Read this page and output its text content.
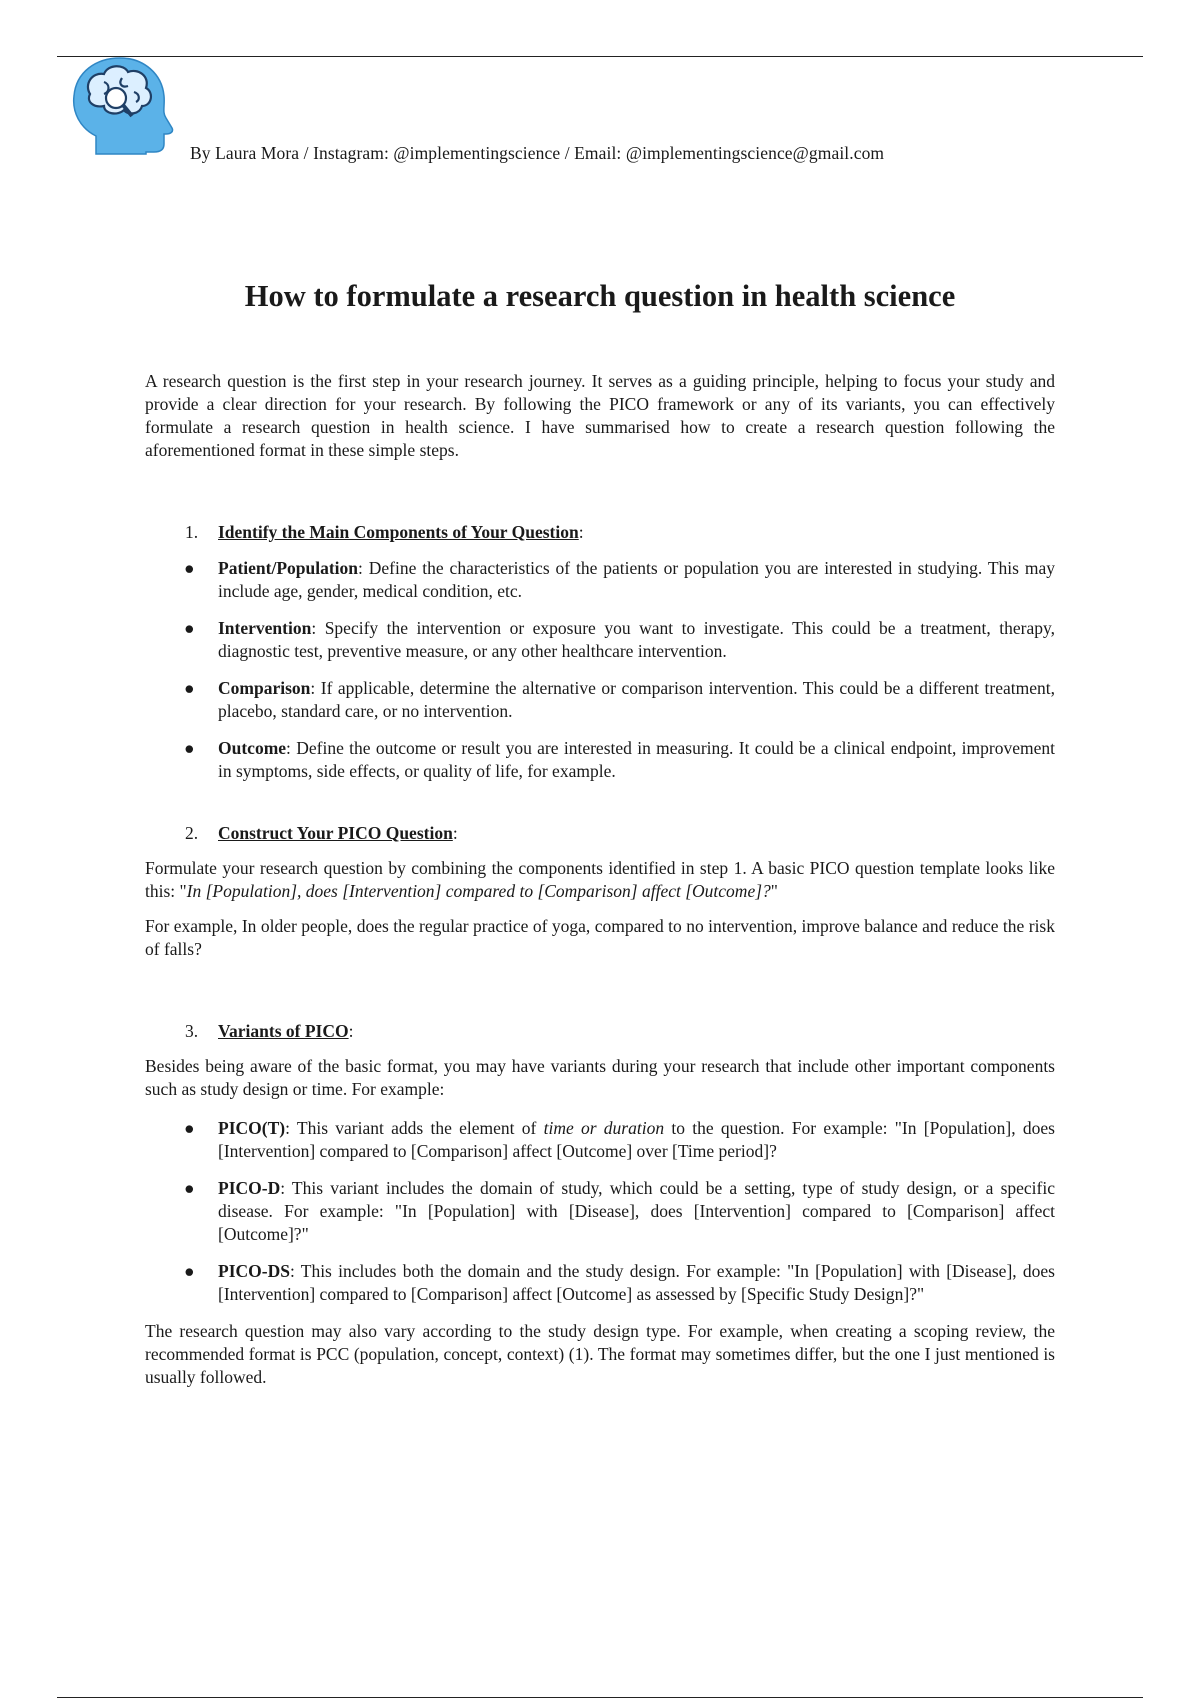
By Laura Mora / Instagram: @implementingscience / Email: @implementingscience@gmail.com
How to formulate a research question in health science

A research question is the first step in your research journey. It serves as a guiding principle, helping to focus your study and provide a clear direction for your research. By following the PICO framework or any of its variants, you can effectively formulate a research question in health science. I have summarised how to create a research question following the aforementioned format in these simple steps.

1. Identify the Main Components of Your Question:
● Patient/Population: Define the characteristics of the patients or population you are interested in studying. This may include age, gender, medical condition, etc.
● Intervention: Specify the intervention or exposure you want to investigate. This could be a treatment, therapy, diagnostic test, preventive measure, or any other healthcare intervention.
● Comparison: If applicable, determine the alternative or comparison intervention. This could be a different treatment, placebo, standard care, or no intervention.
● Outcome: Define the outcome or result you are interested in measuring. It could be a clinical endpoint, improvement in symptoms, side effects, or quality of life, for example.
2. Construct Your PICO Question:

Formulate your research question by combining the components identified in step 1. A basic PICO question template looks like this: "In [Population], does [Intervention] compared to [Comparison] affect [Outcome]?"

For example, In older people, does the regular practice of yoga, compared to no intervention, improve balance and reduce the risk of falls?

3. Variants of PICO:

Besides being aware of the basic format, you may have variants during your research that include other important components such as study design or time. For example:

● PICO(T): This variant adds the element of time or duration to the question. For example: "In [Population], does [Intervention] compared to [Comparison] affect [Outcome] over [Time period]?
● PICO-D: This variant includes the domain of study, which could be a setting, type of study design, or a specific disease. For example: "In [Population] with [Disease], does [Intervention] compared to [Comparison] affect [Outcome]?"
● PICO-DS: This includes both the domain and the study design. For example: "In [Population] with [Disease], does [Intervention] compared to [Comparison] affect [Outcome] as assessed by [Specific Study Design]?"

The research question may also vary according to the study design type. For example, when creating a scoping review, the recommended format is PCC (population, concept, context) (1). The format may sometimes differ, but the one I just mentioned is usually followed.
